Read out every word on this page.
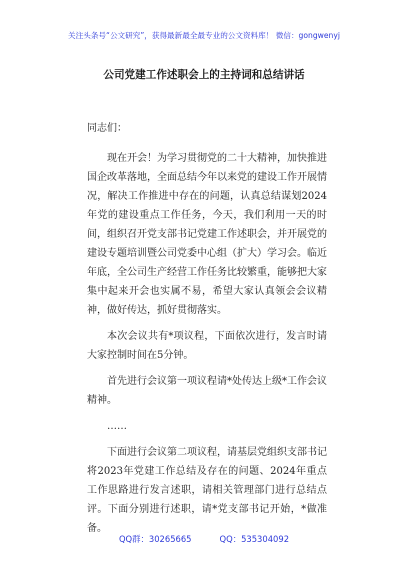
关注头条号“公文研究”，获得最新最全最专业的公文资料库！ 微信：gongwenyj
公司党建工作述职会上的主持词和总结讲话

同志们：

现在开会！为学习贯彻党的二十大精神，加快推进国企改革落地，全面总结今年以来党的建设工作开展情况，解决工作推进中存在的问题，认真总结谋划2024年党的建设重点工作任务，今天，我们利用一天的时间，组织召开党支部书记党建工作述职会，并开展党的建设专题培训暨公司党委中心组（扩大）学习会。临近年底，全公司生产经营工作任务比较繁重，能够把大家集中起来开会也实属不易，希望大家认真领会会议精神，做好传达，抓好贯彻落实。

本次会议共有*项议程，下面依次进行，发言时请大家控制时间在5分钟。

首先进行会议第一项议程请*处传达上级*工作会议精神。

……

下面进行会议第二项议程，请基层党组织支部书记将2023年党建工作总结及存在的问题、2024年重点工作思路进行发言述职，请相关管理部门进行总结点评。下面分别进行述职，请*党支部书记开始，*做准备。

QQ群：30265665	QQ：535304092
